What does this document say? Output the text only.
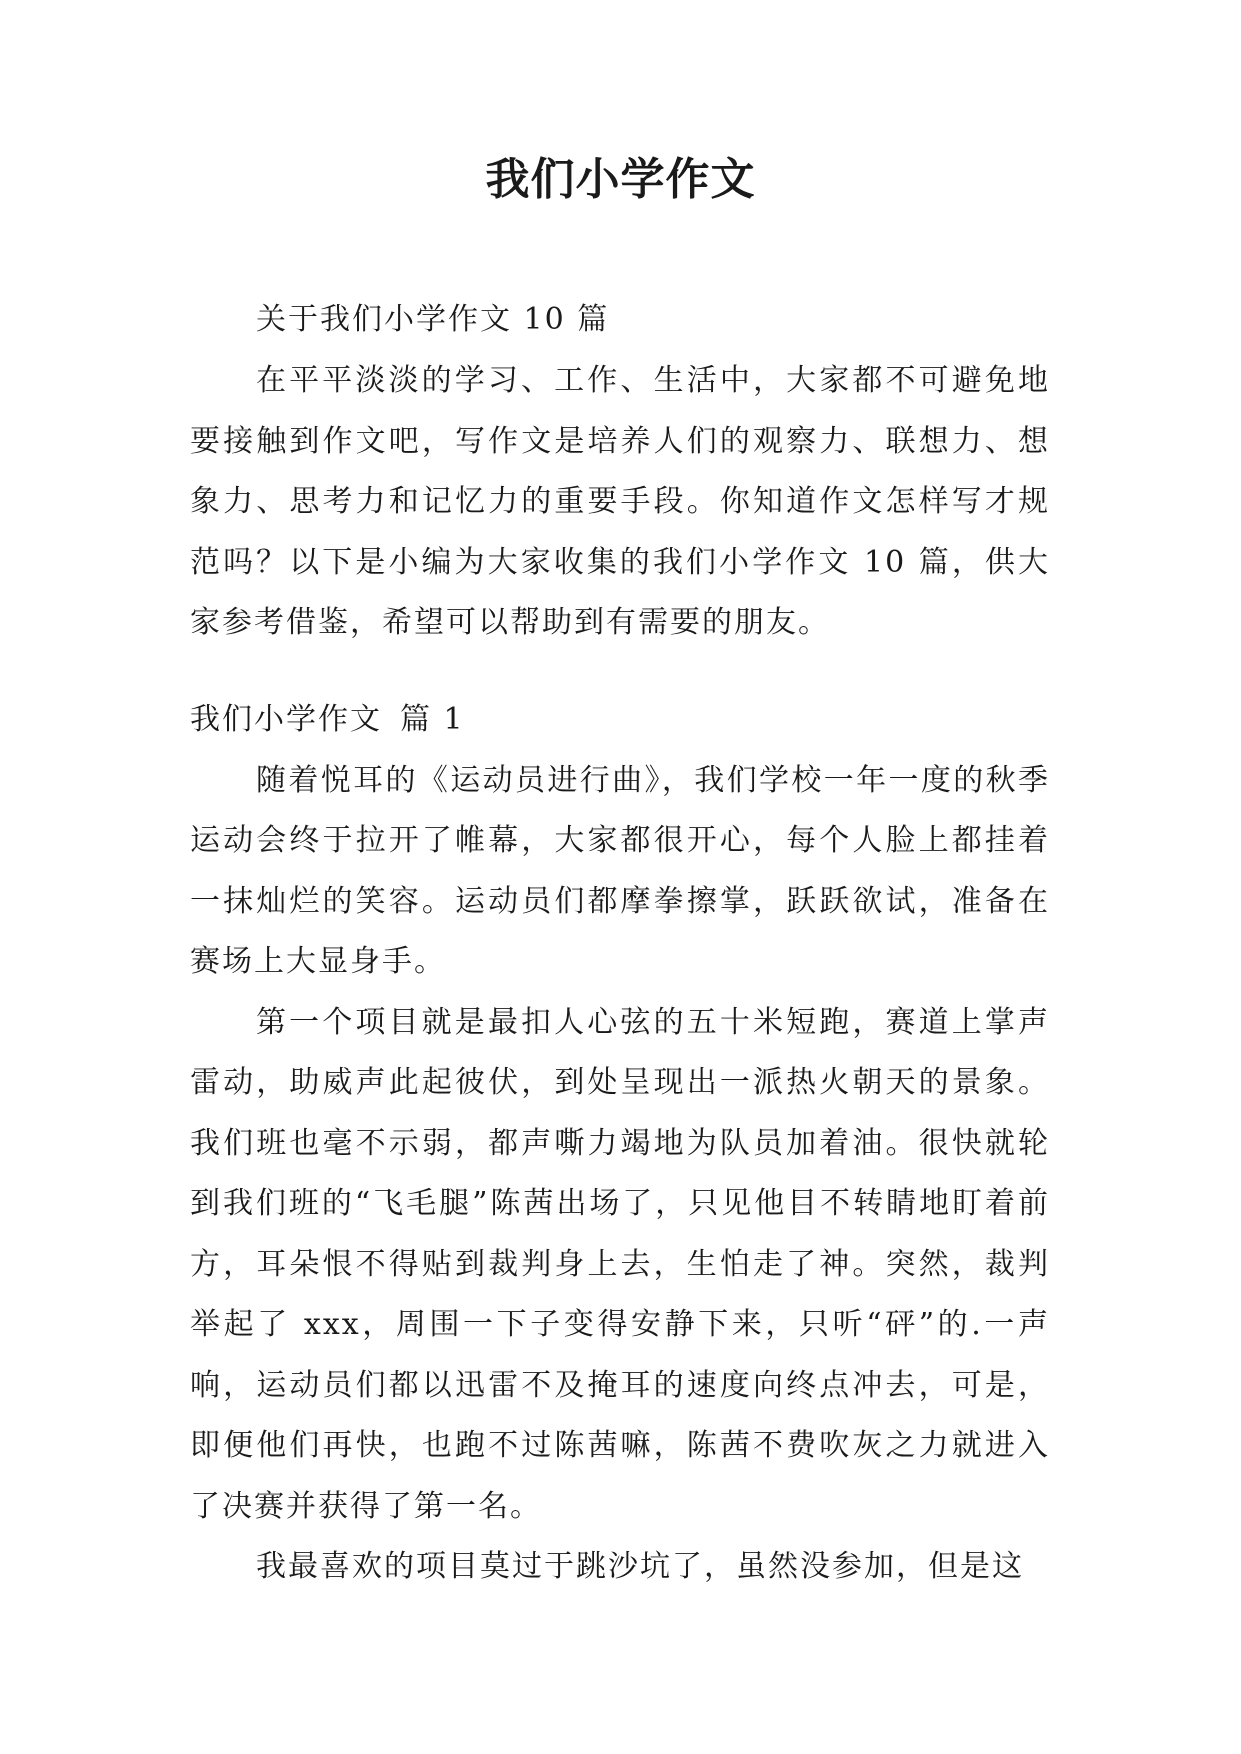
我们小学作文

关于我们小学作文 10 篇

在平平淡淡的学习、工作、生活中，大家都不可避免地要接触到作文吧，写作文是培养人们的观察力、联想力、想象力、思考力和记忆力的重要手段。你知道作文怎样写才规范吗？以下是小编为大家收集的我们小学作文 10 篇，供大家参考借鉴，希望可以帮助到有需要的朋友。

我们小学作文 篇 1

随着悦耳的《运动员进行曲》，我们学校一年一度的秋季运动会终于拉开了帷幕，大家都很开心，每个人脸上都挂着一抹灿烂的笑容。运动员们都摩拳擦掌，跃跃欲试，准备在赛场上大显身手。

第一个项目就是最扣人心弦的五十米短跑，赛道上掌声雷动，助威声此起彼伏，到处呈现出一派热火朝天的景象。我们班也毫不示弱，都声嘶力竭地为队员加着油。很快就轮到我们班的“飞毛腿”陈茜出场了，只见他目不转睛地盯着前方，耳朵恨不得贴到裁判身上去，生怕走了神。突然，裁判举起了 xxx，周围一下子变得安静下来，只听“砰”的.一声响，运动员们都以迅雷不及掩耳的速度向终点冲去，可是，即便他们再快，也跑不过陈茜嘛，陈茜不费吹灰之力就进入了决赛并获得了第一名。

我最喜欢的项目莫过于跳沙坑了，虽然没参加，但是这
